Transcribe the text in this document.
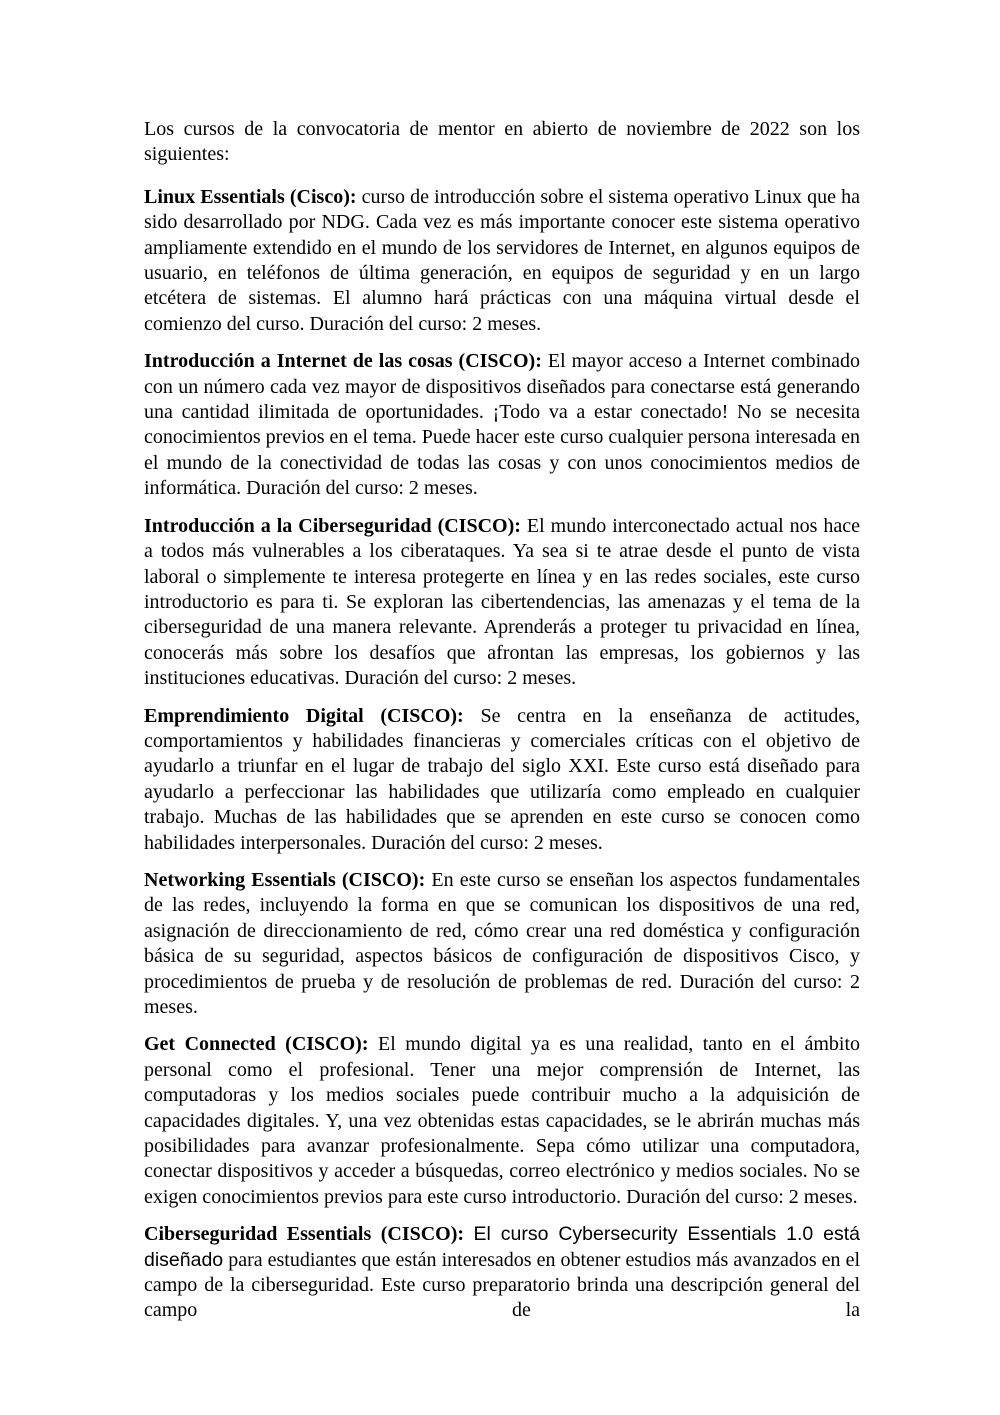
Los cursos de la convocatoria de mentor en abierto de noviembre de 2022 son los siguientes:

Linux Essentials (Cisco): curso de introducción sobre el sistema operativo Linux que ha sido desarrollado por NDG. Cada vez es más importante conocer este sistema operativo ampliamente extendido en el mundo de los servidores de Internet, en algunos equipos de usuario, en teléfonos de última generación, en equipos de seguridad y en un largo etcétera de sistemas. El alumno hará prácticas con una máquina virtual desde el comienzo del curso. Duración del curso: 2 meses.

Introducción a Internet de las cosas (CISCO): El mayor acceso a Internet combinado con un número cada vez mayor de dispositivos diseñados para conectarse está generando una cantidad ilimitada de oportunidades. ¡Todo va a estar conectado! No se necesita conocimientos previos en el tema. Puede hacer este curso cualquier persona interesada en el mundo de la conectividad de todas las cosas y con unos conocimientos medios de informática. Duración del curso: 2 meses.

Introducción a la Ciberseguridad (CISCO): El mundo interconectado actual nos hace a todos más vulnerables a los ciberataques. Ya sea si te atrae desde el punto de vista laboral o simplemente te interesa protegerte en línea y en las redes sociales, este curso introductorio es para ti. Se exploran las cibertendencias, las amenazas y el tema de la ciberseguridad de una manera relevante. Aprenderás a proteger tu privacidad en línea, conocerás más sobre los desafíos que afrontan las empresas, los gobiernos y las instituciones educativas. Duración del curso: 2 meses.

Emprendimiento Digital (CISCO): Se centra en la enseñanza de actitudes, comportamientos y habilidades financieras y comerciales críticas con el objetivo de ayudarlo a triunfar en el lugar de trabajo del siglo XXI. Este curso está diseñado para ayudarlo a perfeccionar las habilidades que utilizaría como empleado en cualquier trabajo. Muchas de las habilidades que se aprenden en este curso se conocen como habilidades interpersonales. Duración del curso: 2 meses.

Networking Essentials (CISCO): En este curso se enseñan los aspectos fundamentales de las redes, incluyendo la forma en que se comunican los dispositivos de una red, asignación de direccionamiento de red, cómo crear una red doméstica y configuración básica de su seguridad, aspectos básicos de configuración de dispositivos Cisco, y procedimientos de prueba y de resolución de problemas de red. Duración del curso: 2 meses.

Get Connected (CISCO): El mundo digital ya es una realidad, tanto en el ámbito personal como el profesional. Tener una mejor comprensión de Internet, las computadoras y los medios sociales puede contribuir mucho a la adquisición de capacidades digitales. Y, una vez obtenidas estas capacidades, se le abrirán muchas más posibilidades para avanzar profesionalmente. Sepa cómo utilizar una computadora, conectar dispositivos y acceder a búsquedas, correo electrónico y medios sociales. No se exigen conocimientos previos para este curso introductorio. Duración del curso: 2 meses.

Ciberseguridad Essentials (CISCO): El curso Cybersecurity Essentials 1.0 está diseñado para estudiantes que están interesados en obtener estudios más avanzados en el campo de la ciberseguridad. Este curso preparatorio brinda una descripción general del campo de la
